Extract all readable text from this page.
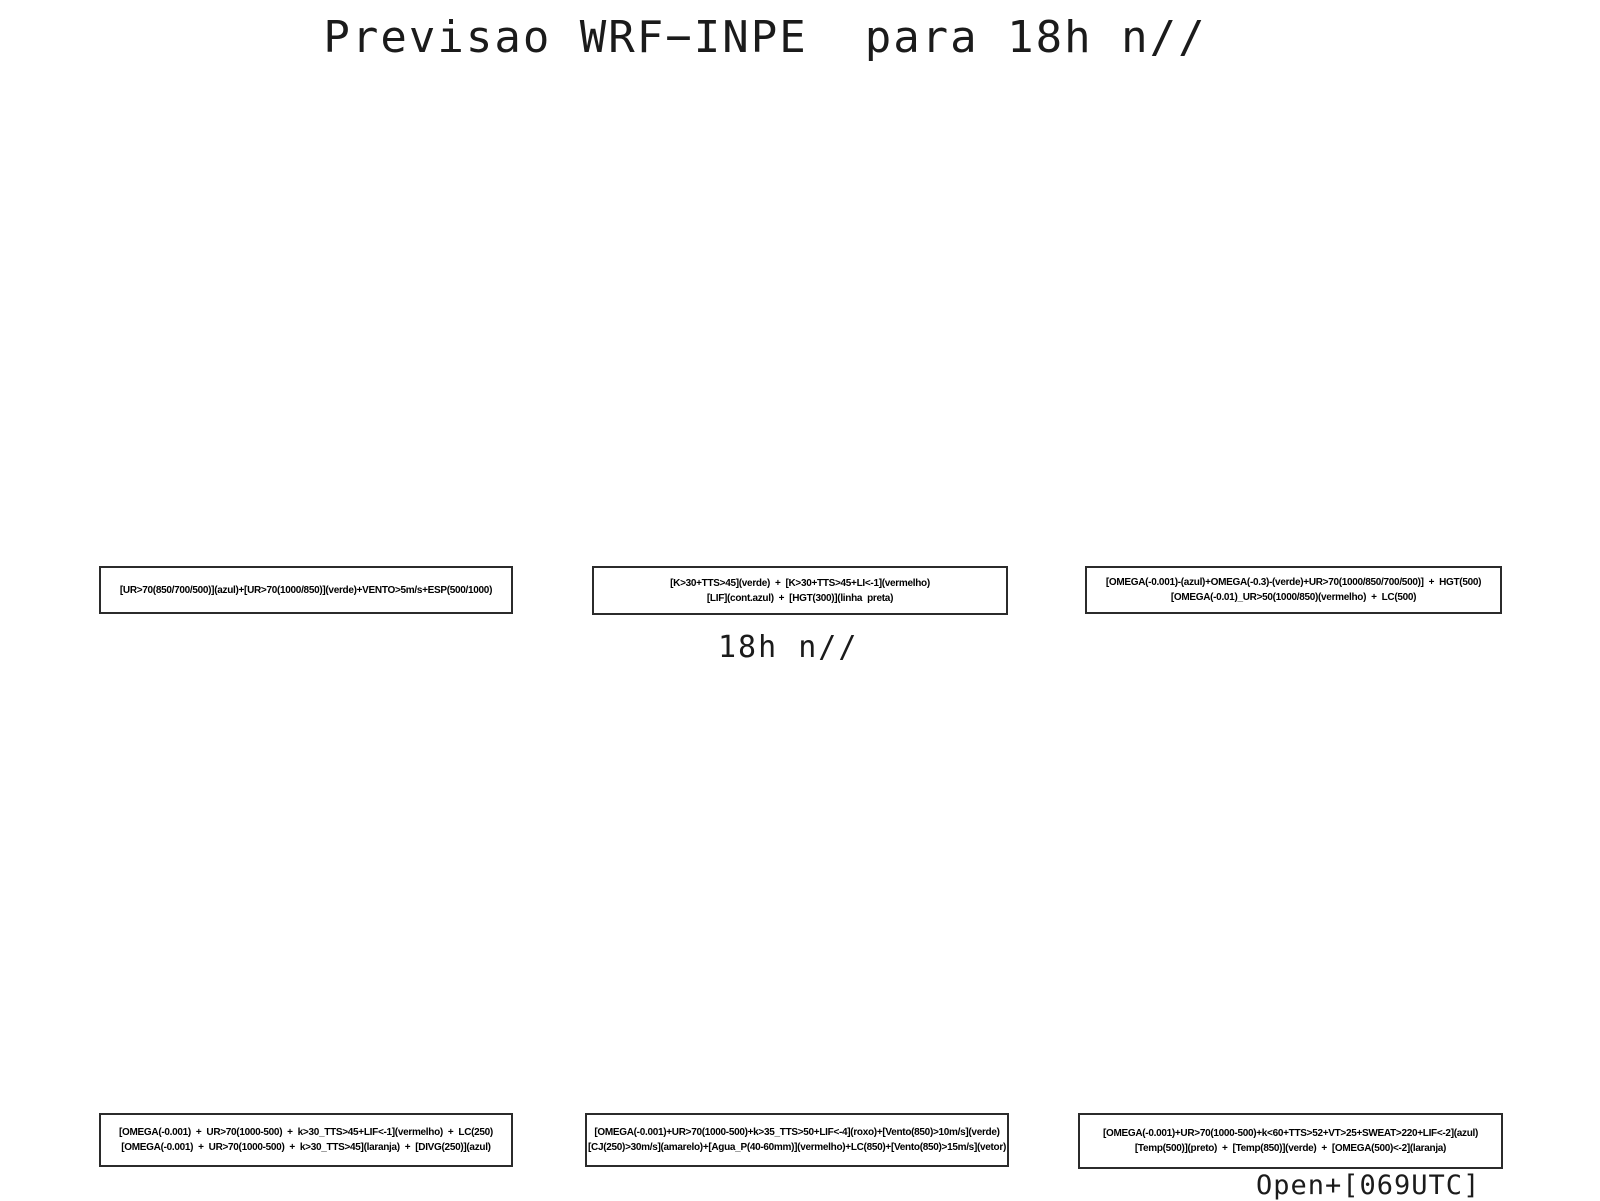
Previsao WRF−INPE  para 18h n//
[UR>70(850/700/500)](azul)+[UR>70(1000/850)](verde)+VENTO>5m/s+ESP(500/1000)
[K>30+TTS>45](verde)  +  [K>30+TTS>45+LI<-1](vermelho)
[LIF](cont.azul)  +  [HGT(300)](linha  preta)
[OMEGA(-0.001)-(azul)+OMEGA(-0.3)-(verde)+UR>70(1000/850/700/500)]  +  HGT(500)
[OMEGA(-0.01)_UR>50(1000/850)(vermelho)  +  LC(500)
18h n//
[OMEGA(-0.001)  +  UR>70(1000-500)  +  k>30_TTS>45+LIF<-1](vermelho)  +  LC(250)
[OMEGA(-0.001)  +  UR>70(1000-500)  +  k>30_TTS>45](laranja)  +  [DIVG(250)](azul)
[OMEGA(-0.001)+UR>70(1000-500)+k>35_TTS>50+LIF<-4](roxo)+[Vento(850)>10m/s](verde)
[CJ(250)>30m/s](amarelo)+[Agua_P(40-60mm)](vermelho)+LC(850)+[Vento(850)>15m/s](vetor)
[OMEGA(-0.001)+UR>70(1000-500)+k<60+TTS>52+VT>25+SWEAT>220+LIF<-2](azul)
[Temp(500)](preto)  +  [Temp(850)](verde)  +  [OMEGA(500)<-2](laranja)
Open+[069UTC]
